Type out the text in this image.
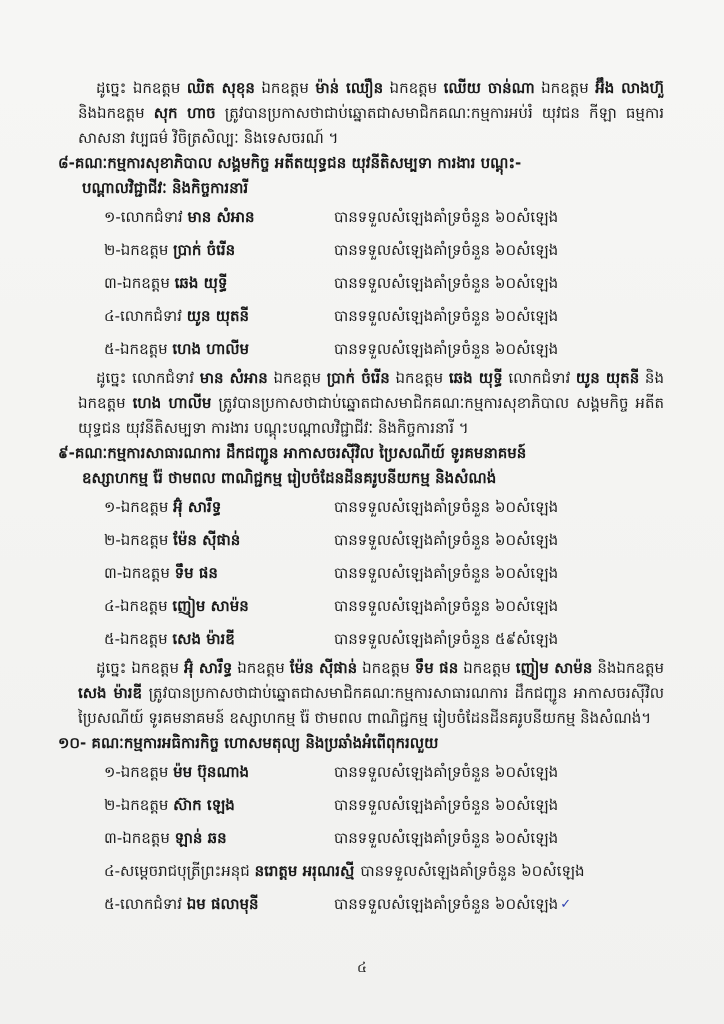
ដូច្នេះ ឯកឧត្តម ឈិត សុខុន ឯកឧត្តម ម៉ាន់ ឈឿន ឯកឧត្តម ឈើយ ចាន់ណា ឯកឧត្តម អ៊ឹង លាងហ៊ួ និងឯកឧត្តម សុក ហាច ត្រូវបានប្រកាសថាជាប់ឆ្នោតជាសមាជិកគណៈកម្មការអប់រំ យុវជន កីឡា ធម្មការ សាសនា វប្បធម៌ វិចិត្រសិល្បៈ និងទេសចរណ៍ ។

៨-គណៈកម្មការសុខាភិបាល សង្គមកិច្ច អតីតយុទ្ធជន យុវនីតិសម្បទា ការងារ បណ្តុះ-
បណ្តាលវិជ្ជាជីវៈ និងកិច្ចការនារី
១-លោកជំទាវ មាន សំអាន	បានទទួលសំឡេងគាំទ្រចំនួន ៦០សំឡេង
២-ឯកឧត្តម ប្រាក់ ចំរើន	បានទទួលសំឡេងគាំទ្រចំនួន ៦០សំឡេង
៣-ឯកឧត្តម ឆេង យុទ្ធី	បានទទួលសំឡេងគាំទ្រចំនួន ៦០សំឡេង
៤-លោកជំទាវ យូន យុតនី	បានទទួលសំឡេងគាំទ្រចំនួន ៦០សំឡេង
៥-ឯកឧត្តម ហេង ហាលីម	បានទទួលសំឡេងគាំទ្រចំនួន ៦០សំឡេង

ដូច្នេះ លោកជំទាវ មាន សំអាន ឯកឧត្តម ប្រាក់ ចំរើន ឯកឧត្តម ឆេង យុទ្ធី លោកជំទាវ យូន យុតនី និងឯកឧត្តម ហេង ហាលីម ត្រូវបានប្រកាសថាជាប់ឆ្នោតជាសមាជិកគណៈកម្មការសុខាភិបាល សង្គមកិច្ច អតីតយុទ្ធជន យុវនីតិសម្បទា ការងារ បណ្តុះបណ្តាលវិជ្ជាជីវៈ និងកិច្ចការនារី ។

៩-គណៈកម្មការសាធារណការ ដឹកជញ្ជូន អាកាសចរស៊ីវិល ប្រៃសណីយ៍ ទូរគមនាគមន៍
ឧស្សាហកម្ម រ៉ែ ថាមពល ពាណិជ្ជកម្ម រៀបចំដែនដីនគរូបនីយកម្ម និងសំណង់
១-ឯកឧត្តម អ៊ុំ សារឹទ្ធ	បានទទួលសំឡេងគាំទ្រចំនួន ៦០សំឡេង
២-ឯកឧត្តម ម៉ែន ស៊ីផាន់	បានទទួលសំឡេងគាំទ្រចំនួន ៦០សំឡេង
៣-ឯកឧត្តម ទឹម ផន	បានទទួលសំឡេងគាំទ្រចំនួន ៦០សំឡេង
៤-ឯកឧត្តម ញៀម សាម៉ន	បានទទួលសំឡេងគាំទ្រចំនួន ៦០សំឡេង
៥-ឯកឧត្តម សេង ម៉ារឌី	បានទទួលសំឡេងគាំទ្រចំនួន ៥៩សំឡេង

ដូច្នេះ ឯកឧត្តម អ៊ុំ សារឹទ្ធ ឯកឧត្តម ម៉ែន ស៊ីផាន់ ឯកឧត្តម ទឹម ផន ឯកឧត្តម ញៀម សាម៉ន និងឯកឧត្តម សេង ម៉ារឌី ត្រូវបានប្រកាសថាជាប់ឆ្នោតជាសមាជិកគណៈកម្មការសាធារណការ ដឹកជញ្ជូន អាកាសចរស៊ីវិល ប្រៃសណីយ៍ ទូរគមនាគមន៍ ឧស្សាហកម្ម រ៉ែ ថាមពល ពាណិជ្ជកម្ម រៀបចំដែនដីនគរូបនីយកម្ម និងសំណង់។

១០- គណៈកម្មការអធិការកិច្ច ហោសមតុល្យ និងប្រឆាំងអំពើពុករលួយ
១-ឯកឧត្តម ម៉ម ប៊ុនណាង	បានទទួលសំឡេងគាំទ្រចំនួន ៦០សំឡេង
២-ឯកឧត្តម ស៊ាក ឡេង	បានទទួលសំឡេងគាំទ្រចំនួន ៦០សំឡេង
៣-ឯកឧត្តម ឡាន់ ឆន	បានទទួលសំឡេងគាំទ្រចំនួន ៦០សំឡេង
៤-សម្តេចរាជបុត្រីព្រះអនុជ នរោត្តម អរុណរស្មី បានទទួលសំឡេងគាំទ្រចំនួន ៦០សំឡេង
៥-លោកជំទាវ ឯម ផលាមុនី	បានទទួលសំឡេងគាំទ្រចំនួន ៦០សំឡេង ✓
៤
